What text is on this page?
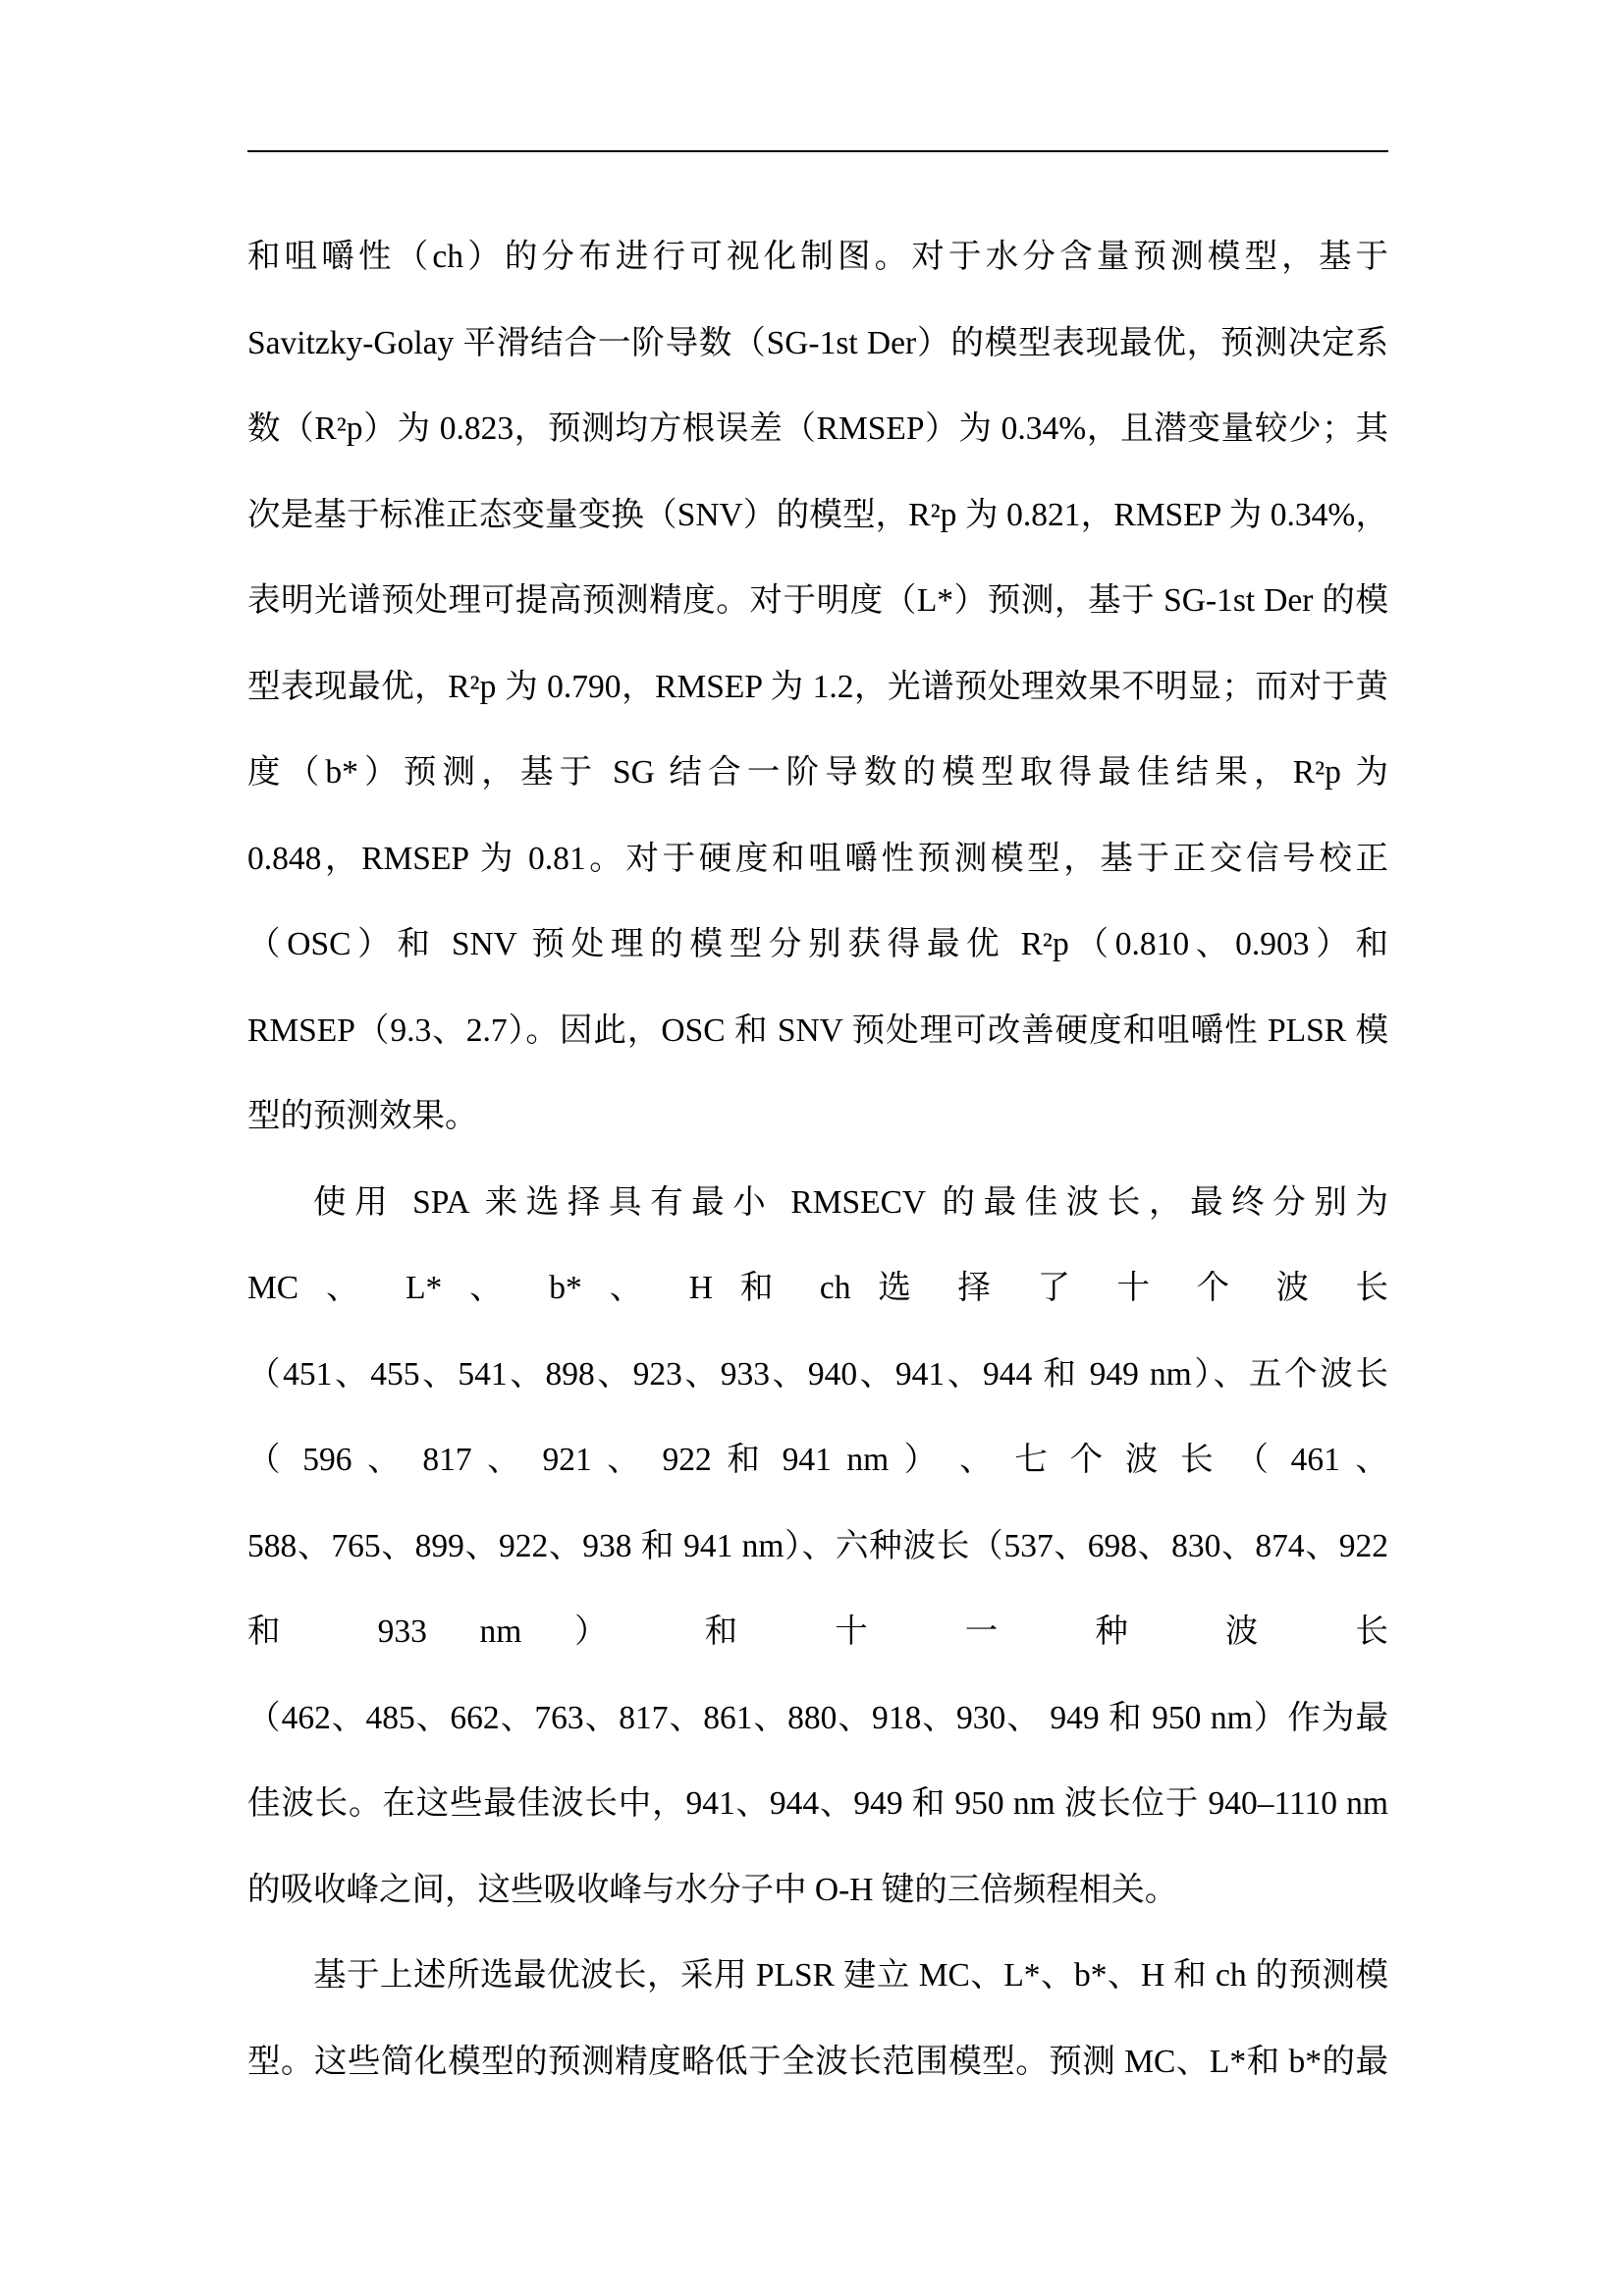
和咀嚼性（ch）的分布进行可视化制图。对于水分含量预测模型，基于
Savitzky-Golay 平滑结合一阶导数（SG-1st Der）的模型表现最优，预测决定系
数（R²p）为 0.823，预测均方根误差（RMSEP）为 0.34%，且潜变量较少；其
次是基于标准正态变量变换（SNV）的模型，R²p 为 0.821，RMSEP 为 0.34%，
表明光谱预处理可提高预测精度。对于明度（L*）预测，基于 SG-1st Der 的模
型表现最优，R²p 为 0.790，RMSEP 为 1.2，光谱预处理效果不明显；而对于黄
度（b*）预测，基于 SG 结合一阶导数的模型取得最佳结果，R²p 为
0.848，RMSEP 为 0.81。对于硬度和咀嚼性预测模型，基于正交信号校正
（OSC）和 SNV 预处理的模型分别获得最优 R²p（0.810、0.903）和
RMSEP（9.3、2.7）。因此，OSC 和 SNV 预处理可改善硬度和咀嚼性 PLSR 模
型的预测效果。
使用 SPA 来选择具有最小 RMSECV 的最佳波长，最终分别为
MC 、 L* 、 b* 、 H 和 ch 选 择 了 十 个 波 长
（451、455、541、898、923、933、940、941、944 和 949 nm）、五个波长
（ 596 、 817 、 921 、 922 和 941 nm ） 、 七 个 波 长 （ 461 、
588、765、899、922、938 和 941 nm）、六种波长（537、698、830、874、922
和 933 nm ） 和 十 一 种 波 长
（462、485、662、763、817、861、880、918、930、 949 和 950 nm）作为最
佳波长。在这些最佳波长中，941、944、949 和 950 nm 波长位于 940–1110 nm
的吸收峰之间，这些吸收峰与水分子中 O-H 键的三倍频程相关。
基于上述所选最优波长，采用 PLSR 建立 MC、L*、b*、H 和 ch 的预测模
型。这些简化模型的预测精度略低于全波长范围模型。预测 MC、L*和 b*的最
